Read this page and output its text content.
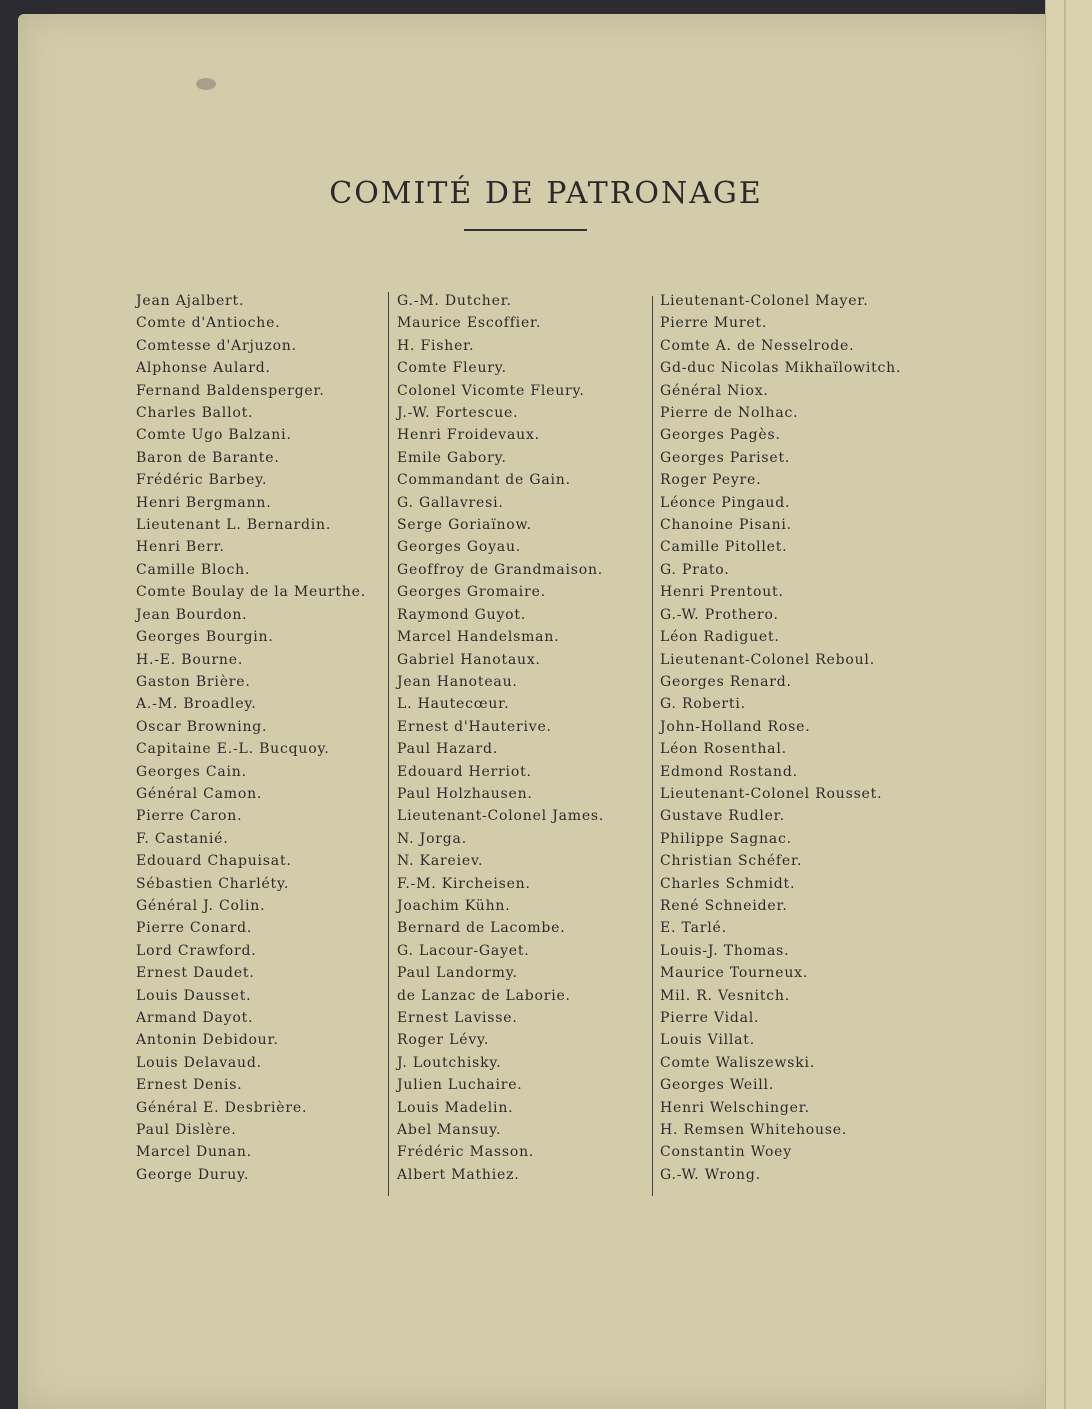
COMITÉ DE PATRONAGE
Jean Ajalbert.
Comte d'Antioche.
Comtesse d'Arjuzon.
Alphonse Aulard.
Fernand Baldensperger.
Charles Ballot.
Comte Ugo Balzani.
Baron de Barante.
Frédéric Barbey.
Henri Bergmann.
Lieutenant L. Bernardin.
Henri Berr.
Camille Bloch.
Comte Boulay de la Meurthe.
Jean Bourdon.
Georges Bourgin.
H.-E. Bourne.
Gaston Brière.
A.-M. Broadley.
Oscar Browning.
Capitaine E.-L. Bucquoy.
Georges Cain.
Général Camon.
Pierre Caron.
F. Castanié.
Edouard Chapuisat.
Sébastien Charléty.
Général J. Colin.
Pierre Conard.
Lord Crawford.
Ernest Daudet.
Louis Dausset.
Armand Dayot.
Antonin Debidour.
Louis Delavaud.
Ernest Denis.
Général E. Desbrière.
Paul Dislère.
Marcel Dunan.
George Duruy.
G.-M. Dutcher.
Maurice Escoffier.
H. Fisher.
Comte Fleury.
Colonel Vicomte Fleury.
J.-W. Fortescue.
Henri Froidevaux.
Emile Gabory.
Commandant de Gain.
G. Gallavresi.
Serge Goriaïnow.
Georges Goyau.
Geoffroy de Grandmaison.
Georges Gromaire.
Raymond Guyot.
Marcel Handelsman.
Gabriel Hanotaux.
Jean Hanoteau.
L. Hautecœur.
Ernest d'Hauterive.
Paul Hazard.
Edouard Herriot.
Paul Holzhausen.
Lieutenant-Colonel James.
N. Jorga.
N. Kareiev.
F.-M. Kircheisen.
Joachim Kühn.
Bernard de Lacombe.
G. Lacour-Gayet.
Paul Landormy.
de Lanzac de Laborie.
Ernest Lavisse.
Roger Lévy.
J. Loutchisky.
Julien Luchaire.
Louis Madelin.
Abel Mansuy.
Frédéric Masson.
Albert Mathiez.
Lieutenant-Colonel Mayer.
Pierre Muret.
Comte A. de Nesselrode.
Gd-duc Nicolas Mikhaïlowitch.
Général Niox.
Pierre de Nolhac.
Georges Pagès.
Georges Pariset.
Roger Peyre.
Léonce Pingaud.
Chanoine Pisani.
Camille Pitollet.
G. Prato.
Henri Prentout.
G.-W. Prothero.
Léon Radiguet.
Lieutenant-Colonel Reboul.
Georges Renard.
G. Roberti.
John-Holland Rose.
Léon Rosenthal.
Edmond Rostand.
Lieutenant-Colonel Rousset.
Gustave Rudler.
Philippe Sagnac.
Christian Schéfer.
Charles Schmidt.
René Schneider.
E. Tarlé.
Louis-J. Thomas.
Maurice Tourneux.
Mil. R. Vesnitch.
Pierre Vidal.
Louis Villat.
Comte Waliszewski.
Georges Weill.
Henri Welschinger.
H. Remsen Whitehouse.
Constantin Woey
G.-W. Wrong.
